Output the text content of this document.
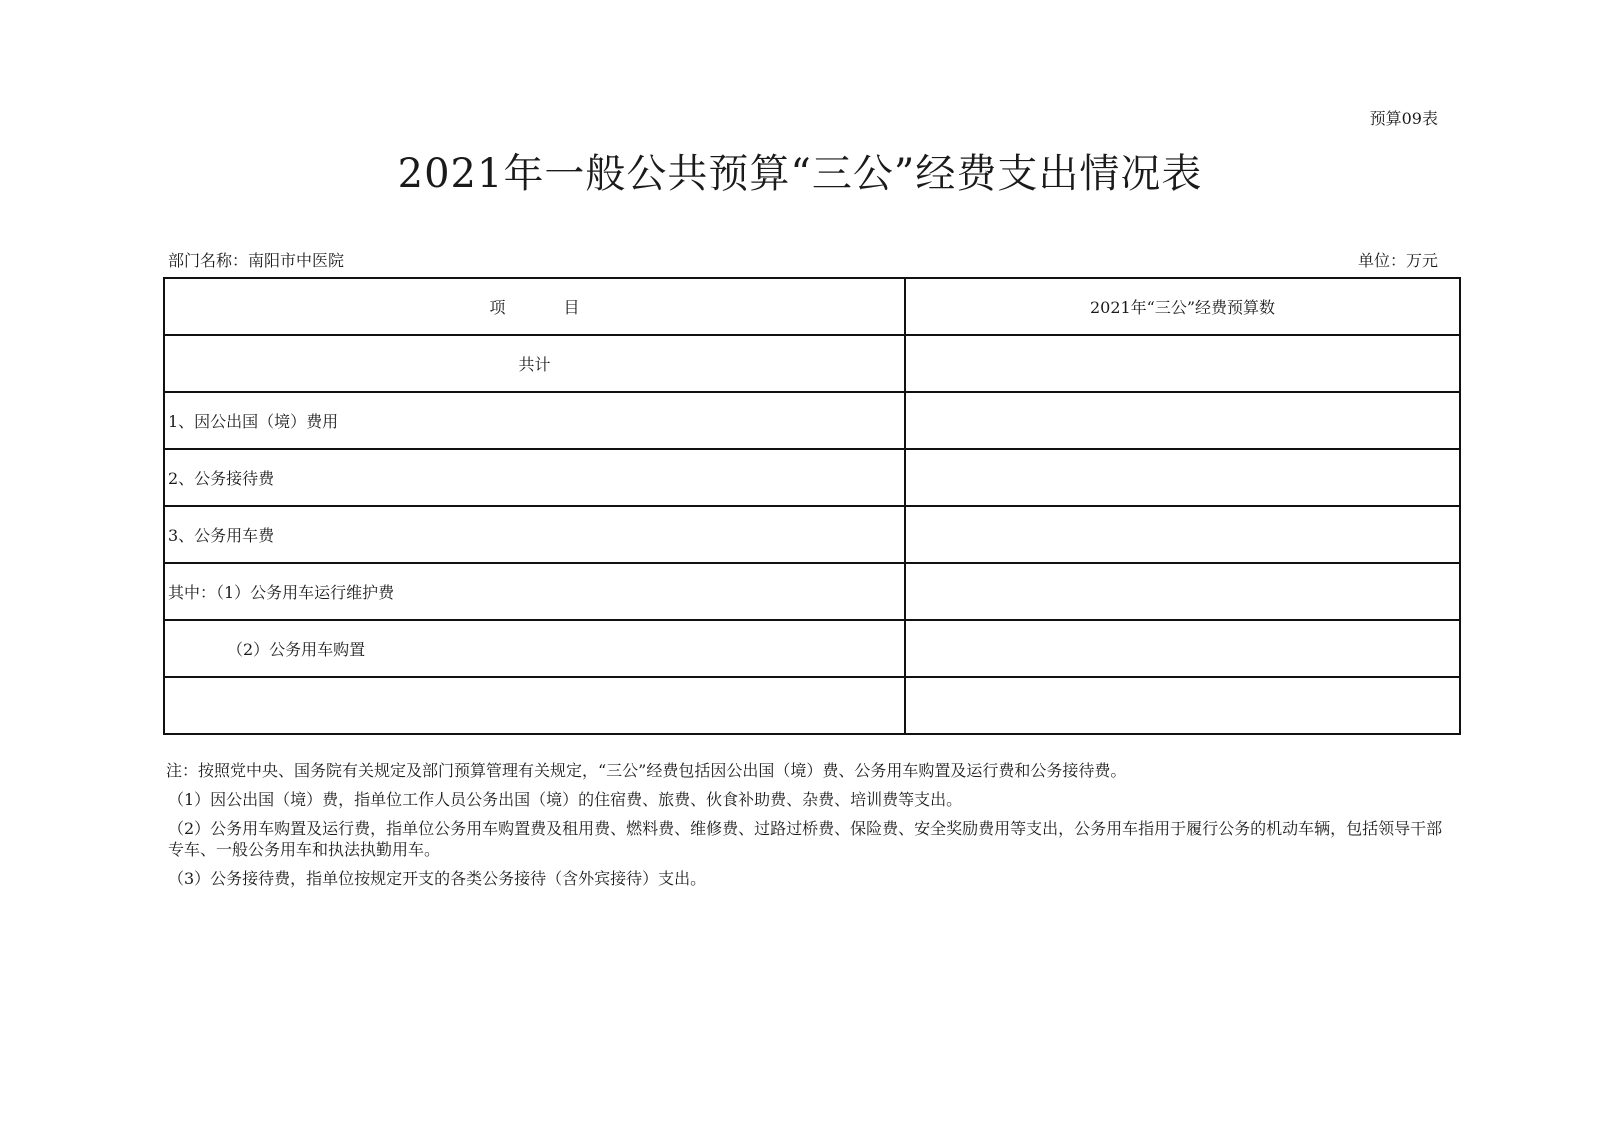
预算09表
2021年一般公共预算“三公”经费支出情况表
部门名称：南阳市中医院	单位：万元
项 目	2021年“三公”经费预算数
共计	
1、因公出国（境）费用	
2、公务接待费	
3、公务用车费	
其中：（1）公务用车运行维护费	
（2）公务用车购置	

注：按照党中央、国务院有关规定及部门预算管理有关规定，“三公”经费包括因公出国（境）费、公务用车购置及运行费和公务接待费。
（1）因公出国（境）费，指单位工作人员公务出国（境）的住宿费、旅费、伙食补助费、杂费、培训费等支出。
（2）公务用车购置及运行费，指单位公务用车购置费及租用费、燃料费、维修费、过路过桥费、保险费、安全奖励费用等支出，公务用车指用于履行公务的机动车辆，包括领导干部专车、一般公务用车和执法执勤用车。
（3）公务接待费，指单位按规定开支的各类公务接待（含外宾接待）支出。
